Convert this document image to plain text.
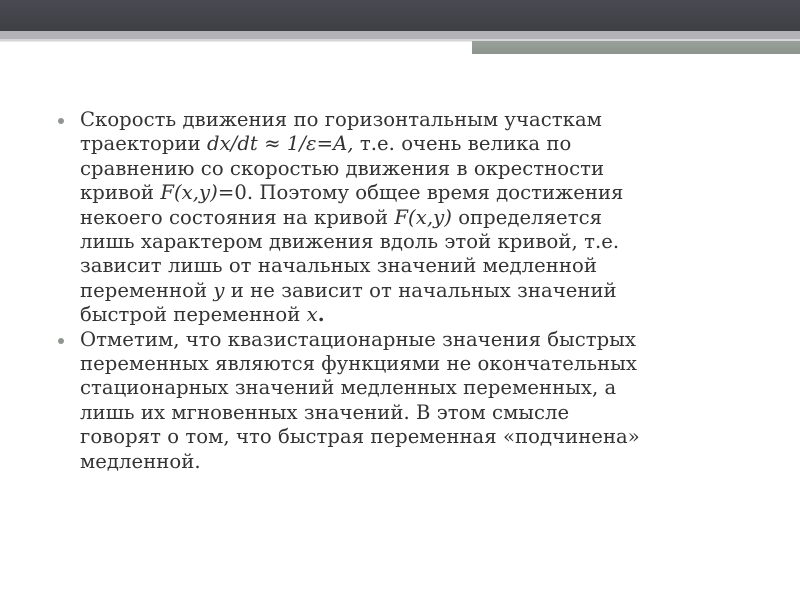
Скорость движения по горизонтальным участкам
траектории dx/dt ≈ 1/ε=A, т.е. очень велика по
сравнению со скоростью движения в окрестности
кривой F(x,y)=0. Поэтому общее время достижения
некоего состояния на кривой F(x,y) определяется
лишь характером движения вдоль этой кривой, т.е.
зависит лишь от начальных значений медленной
переменной y и не зависит от начальных значений
быстрой переменной x.
Отметим, что квазистационарные значения быстрых
переменных являются функциями не окончательных
стационарных значений медленных переменных, а
лишь их мгновенных значений. В этом смысле
говорят о том, что быстрая переменная «подчинена»
медленной.
